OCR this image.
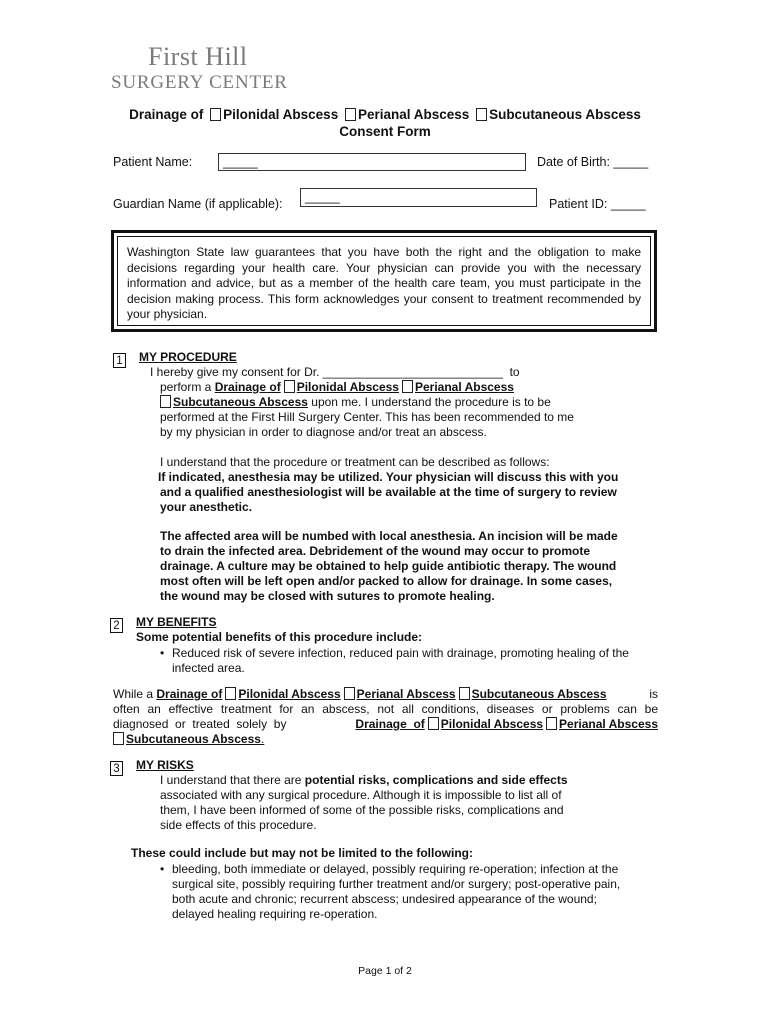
First Hill
SURGERY CENTER
Drainage of Pilonidal Abscess Perianal Abscess Subcutaneous Abscess
Consent Form
Patient Name:	_____	Date of Birth: _____
Guardian Name (if applicable):	_____	Patient ID: _____
Washington State law guarantees that you have both the right and the obligation to make decisions regarding your health care. Your physician can provide you with the necessary information and advice, but as a member of the health care team, you must participate in the decision making process. This form acknowledges your consent to treatment recommended by your physician.
1 MY PROCEDURE
I hereby give my consent for Dr. ___________________________  to
perform a Drainage of Pilonidal Abscess Perianal Abscess
Subcutaneous Abscess upon me. I understand the procedure is to be
performed at the First Hill Surgery Center. This has been recommended to me
by my physician in order to diagnose and/or treat an abscess.
I understand that the procedure or treatment can be described as follows:
If indicated, anesthesia may be utilized. Your physician will discuss this with you
and a qualified anesthesiologist will be available at the time of surgery to review
your anesthetic.
The affected area will be numbed with local anesthesia. An incision will be made
to drain the infected area. Debridement of the wound may occur to promote
drainage. A culture may be obtained to help guide antibiotic therapy. The wound
most often will be left open and/or packed to allow for drainage. In some cases,
the wound may be closed with sutures to promote healing.
2 MY BENEFITS
Some potential benefits of this procedure include:
• Reduced risk of severe infection, reduced pain with drainage, promoting healing of the
infected area.
While a Drainage of Pilonidal Abscess Perianal Abscess Subcutaneous Abscess	is
often an effective treatment for an abscess, not all conditions, diseases or problems can be
diagnosed  or  treated  solely  by	Drainage  of Pilonidal Abscess Perianal Abscess
Subcutaneous Abscess.
3 MY RISKS
I understand that there are potential risks, complications and side effects
associated with any surgical procedure. Although it is impossible to list all of
them, I have been informed of some of the possible risks, complications and
side effects of this procedure.
These could include but may not be limited to the following:
• bleeding, both immediate or delayed, possibly requiring re-operation; infection at the
surgical site, possibly requiring further treatment and/or surgery; post-operative pain,
both acute and chronic; recurrent abscess; undesired appearance of the wound;
delayed healing requiring re-operation.
Page 1 of 2
